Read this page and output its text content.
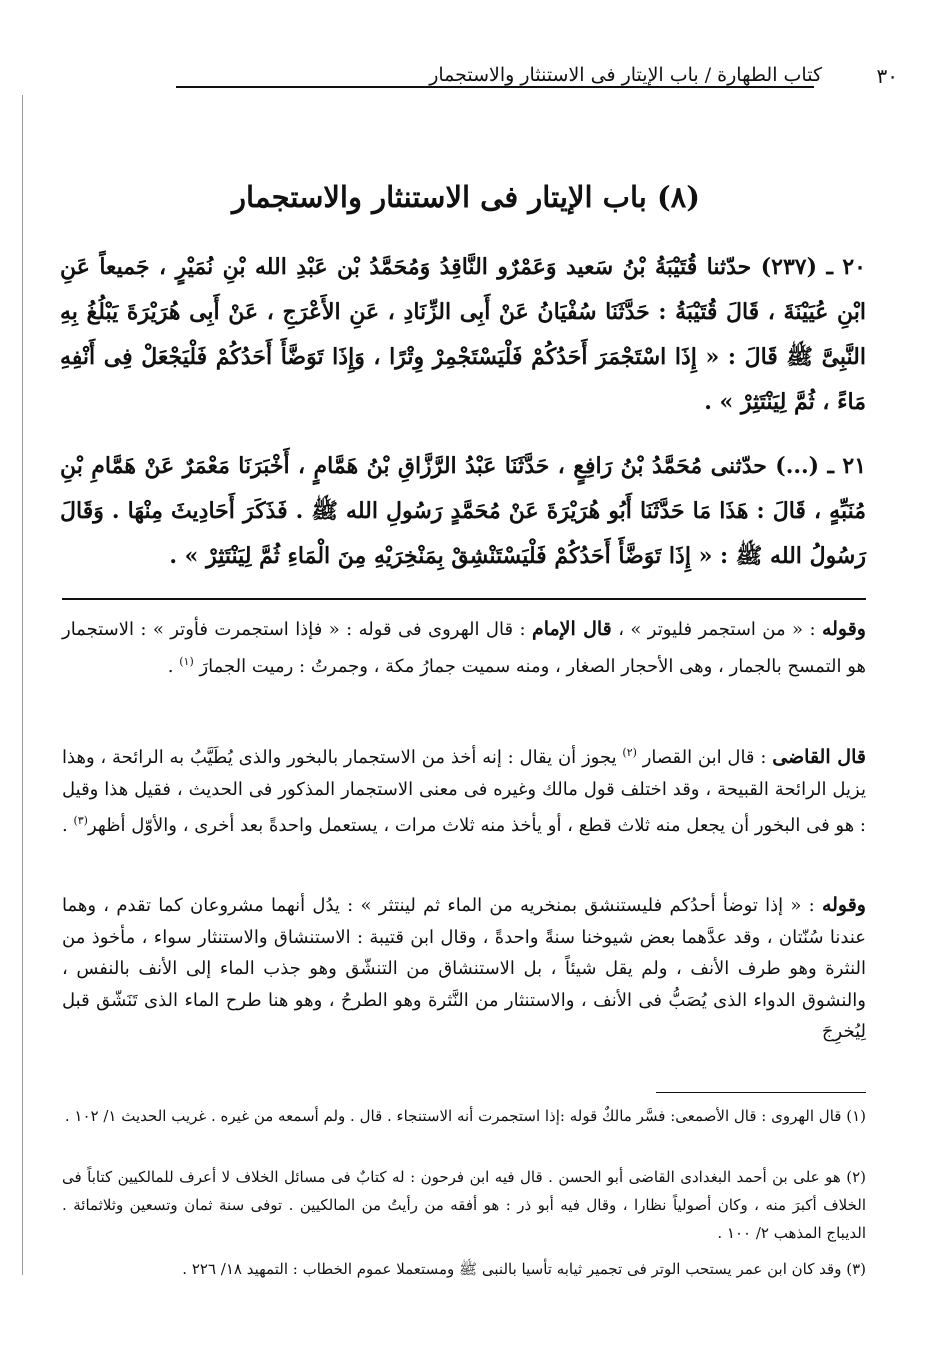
٣٠
كتاب الطهارة / باب الإيتار فى الاستنثار والاستجمار
(٨) باب الإيتار فى الاستنثار والاستجمار
٢٠ ـ (٢٣٧) حدّثنا قُتَيْبَةُ بْنُ سَعيد وَعَمْرٌو النَّاقِدُ وَمُحَمَّدُ بْن عَبْدِ الله بْنِ نُمَيْرٍ ، جَميعاً عَنِ ابْنِ عُيَيْنَةَ ، قَالَ قُتَيْبَةُ : حَدَّثَنَا سُفْيَانُ عَنْ أَبِى الزِّنَادِ ، عَنِ الأَعْرَجِ ، عَنْ أَبِى هُرَيْرَةَ يَبْلُغُ بِهِ النَّبِىَّ ﷺ قَالَ : « إِذَا اسْتَجْمَرَ أَحَدُكُمْ فَلْيَسْتَجْمِرْ وِتْرًا ، وَإِذَا تَوَضَّأَ أَحَدُكُمْ فَلْيَجْعَلْ فِى أَنْفِهِ مَاءً ، ثُمَّ لِيَنْتَثِرْ » .
٢١ ـ (...) حدّثنى مُحَمَّدُ بْنُ رَافِعٍ ، حَدَّثَنَا عَبْدُ الرَّزَّاقِ بْنُ هَمَّامٍ ، أَخْبَرَنَا مَعْمَرٌ عَنْ هَمَّامِ بْنِ مُنَبِّهٍ ، قَالَ : هَذَا مَا حَدَّثَنَا أَبُو هُرَيْرَةَ عَنْ مُحَمَّدٍ رَسُولِ الله ﷺ . فَذَكَرَ أَحَادِيثَ مِنْهَا . وَقَالَ رَسُولُ الله ﷺ : « إِذَا تَوَضَّأَ أَحَدُكُمْ فَلْيَسْتَنْشِقْ بِمَنْخِرَيْهِ مِنَ الْمَاءِ ثُمَّ لِيَنْتَثِرْ » .
وقوله : « من استجمر فليوتر » ، قال الإمام : قال الهروى فى قوله : « فإذا استجمرت فأوتر » : الاستجمار هو التمسح بالجمار ، وهى الأحجار الصغار ، ومنه سميت جمارُ مكة ، وجمرتُ : رميت الجمارَ $^{(١)}$ .
قال القاضى : قال ابن القصار $^{(٢)}$ يجوز أن يقال : إنه أخذ من الاستجمار بالبخور والذى يُطَيَّبُ به الرائحة ، وهذا يزيل الرائحة القبيحة ، وقد اختلف قول مالك وغيره فى معنى الاستجمار المذكور فى الحديث ، فقيل هذا وقيل : هو فى البخور أن يجعل منه ثلاث قطع ، أو يأخذ منه ثلاث مرات ، يستعمل واحدةً بعد أخرى ، والأوّل أظهر$^{(٣)}$ .
وقوله : « إذا توضأ أحدُكم فليستنشق بمنخريه من الماء ثم لينتثر » : يدُل أنهما مشروعان كما تقدم ، وهما عندنا سُنّتان ، وقد عدَّهما بعض شيوخنا سنةً واحدةً ، وقال ابن قتيبة : الاستنشاق والاستنثار سواء ، مأخوذ من النثرة وهو طرف الأنف ، ولم يقل شيئاً ، بل الاستنشاق من التنشّق وهو جذب الماء إلى الأنف بالنفس ، والنشوق الدواء الذى يُصَبُّ فى الأنف ، والاستنثار من النَّثرة وهو الطرحُ ، وهو هنا طرح الماء الذى تَنَشّق قبل لِيُخرِجَ
(١) قال الهروى : قال الأصمعى: فسَّر مالكٌ قوله :إذا استجمرت أنه الاستنجاء . قال . ولم أسمعه من غيره . غريب الحديث ١/ ١٠٢ .
(٢) هو على بن أحمد البغدادى القاضى أبو الحسن . قال فيه ابن فرحون : له كتابٌ فى مسائل الخلاف لا أعرف للمالكيين كتاباً فى الخلاف أكبرَ منه ، وكان أصولياً نظارا ، وقال فيه أبو ذر : هو أفقه من رأيتُ من المالكيين . توفى سنة ثمان وتسعين وثلاثمائة . الديباج المذهب ٢/ ١٠٠ .
(٣) وقد كان ابن عمر يستحب الوتر فى تجمير ثيابه تأسيا بالنبى ﷺ ومستعملا عموم الخطاب : التمهيد ١٨/ ٢٢٦ .
